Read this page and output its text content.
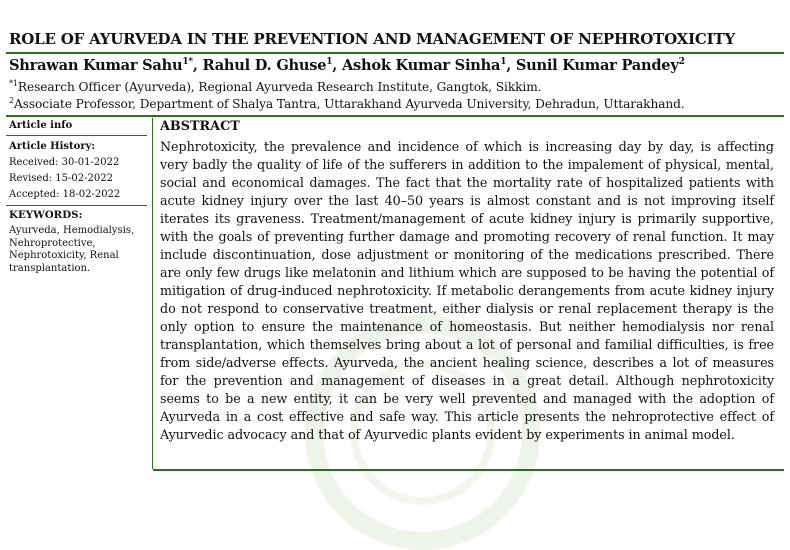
ROLE OF AYURVEDA IN THE PREVENTION AND MANAGEMENT OF NEPHROTOXICITY
Shrawan Kumar Sahu$^{1*}$, Rahul D. Ghuse$^1$, Ashok Kumar Sinha$^1$, Sunil Kumar Pandey$^2$
$^{*1}$Research Officer (Ayurveda), Regional Ayurveda Research Institute, Gangtok, Sikkim.
$^2$Associate Professor, Department of Shalya Tantra, Uttarakhand Ayurveda University, Dehradun, Uttarakhand.
Article info
Article History:
Received: 30-01-2022
Revised: 15-02-2022
Accepted: 18-02-2022
KEYWORDS:
Ayurveda, Hemodialysis, Nehroprotective, Nephrotoxicity, Renal transplantation.
ABSTRACT
Nephrotoxicity, the prevalence and incidence of which is increasing day by day, is affecting very badly the quality of life of the sufferers in addition to the impalement of physical, mental, social and economical damages. The fact that the mortality rate of hospitalized patients with acute kidney injury over the last 40–50 years is almost constant and is not improving itself iterates its graveness. Treatment/management of acute kidney injury is primarily supportive, with the goals of preventing further damage and promoting recovery of renal function. It may include discontinuation, dose adjustment or monitoring of the medications prescribed. There are only few drugs like melatonin and lithium which are supposed to be having the potential of mitigation of drug-induced nephrotoxicity. If metabolic derangements from acute kidney injury do not respond to conservative treatment, either dialysis or renal replacement therapy is the only option to ensure the maintenance of homeostasis. But neither hemodialysis nor renal transplantation, which themselves bring about a lot of personal and familial difficulties, is free from side/adverse effects. Ayurveda, the ancient healing science, describes a lot of measures for the prevention and management of diseases in a great detail. Although nephrotoxicity seems to be a new entity, it can be very well prevented and managed with the adoption of Ayurveda in a cost effective and safe way. This article presents the nehroprotective effect of Ayurvedic advocacy and that of Ayurvedic plants evident by experiments in animal model.
